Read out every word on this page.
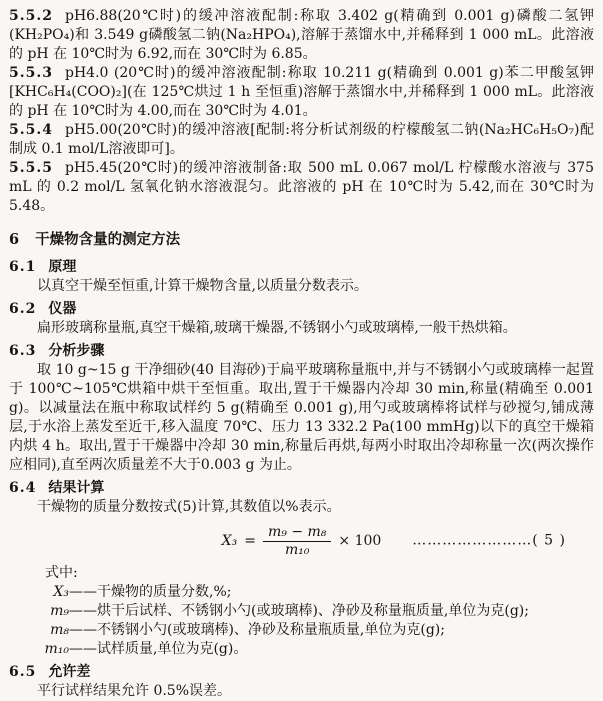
5.5.2 pH6.88(20℃时)的缓冲溶液配制:称取 3.402 g(精确到 0.001 g)磷酸二氢钾(KH₂PO₄)和 3.549 g磷酸氢二钠(Na₂HPO₄),溶解于蒸馏水中,并稀释到 1 000 mL。此溶液的 pH 在 10℃时为 6.92,而在 30℃时为 6.85。

5.5.3 pH4.0 (20℃时)的缓冲溶液配制:称取 10.211 g(精确到 0.001 g)苯二甲酸氢钾[KHC₆H₄(COO)₂](在 125℃烘过 1 h 至恒重)溶解于蒸馏水中,并稀释到 1 000 mL。此溶液的 pH 在 10℃时为 4.00,而在 30℃时为 4.01。

5.5.4 pH5.00(20℃时)的缓冲溶液[配制:将分析试剂级的柠檬酸氢二钠(Na₂HC₆H₅O₇)配制成 0.1 mol/L溶液即可]。

5.5.5 pH5.45(20℃时)的缓冲溶液制备:取 500 mL 0.067 mol/L 柠檬酸水溶液与 375 mL 的 0.2 mol/L 氢氧化钠水溶液混匀。此溶液的 pH 在 10℃时为 5.42,而在 30℃时为 5.48。

6 干燥物含量的测定方法
6.1 原理

以真空干燥至恒重,计算干燥物含量,以质量分数表示。

6.2 仪器

扁形玻璃称量瓶,真空干燥箱,玻璃干燥器,不锈钢小勺或玻璃棒,一般干热烘箱。

6.3 分析步骤

取 10 g~15 g 干净细砂(40 目海砂)于扁平玻璃称量瓶中,并与不锈钢小勺或玻璃棒一起置于 100℃~105℃烘箱中烘干至恒重。取出,置于干燥器内冷却 30 min,称量(精确至 0.001 g)。以减量法在瓶中称取试样约 5 g(精确至 0.001 g),用勺或玻璃棒将试样与砂搅匀,铺成薄层,于水浴上蒸发至近干,移入温度 70℃、压力 13 332.2 Pa(100 mmHg)以下的真空干燥箱内烘 4 h。取出,置于干燥器中冷却 30 min,称量后再烘,每两小时取出冷却称量一次(两次操作应相同),直至两次质量差不大于0.003 g 为止。

6.4 结果计算

干燥物的质量分数按式(5)计算,其数值以%表示。

$X_3 = \frac{\text{m₉ − m₈}}{\text{m₁₀}} \times 100$ ……………………( 5 )

式中:

X₃ ——干燥物的质量分数,%;
m₉ ——烘干后试样、不锈钢小勺(或玻璃棒)、净砂及称量瓶质量,单位为克(g);
m₈ ——不锈钢小勺(或玻璃棒)、净砂及称量瓶质量,单位为克(g);
m₁₀ ——试样质量,单位为克(g)。
6.5 允许差

平行试样结果允许 0.5%误差。
